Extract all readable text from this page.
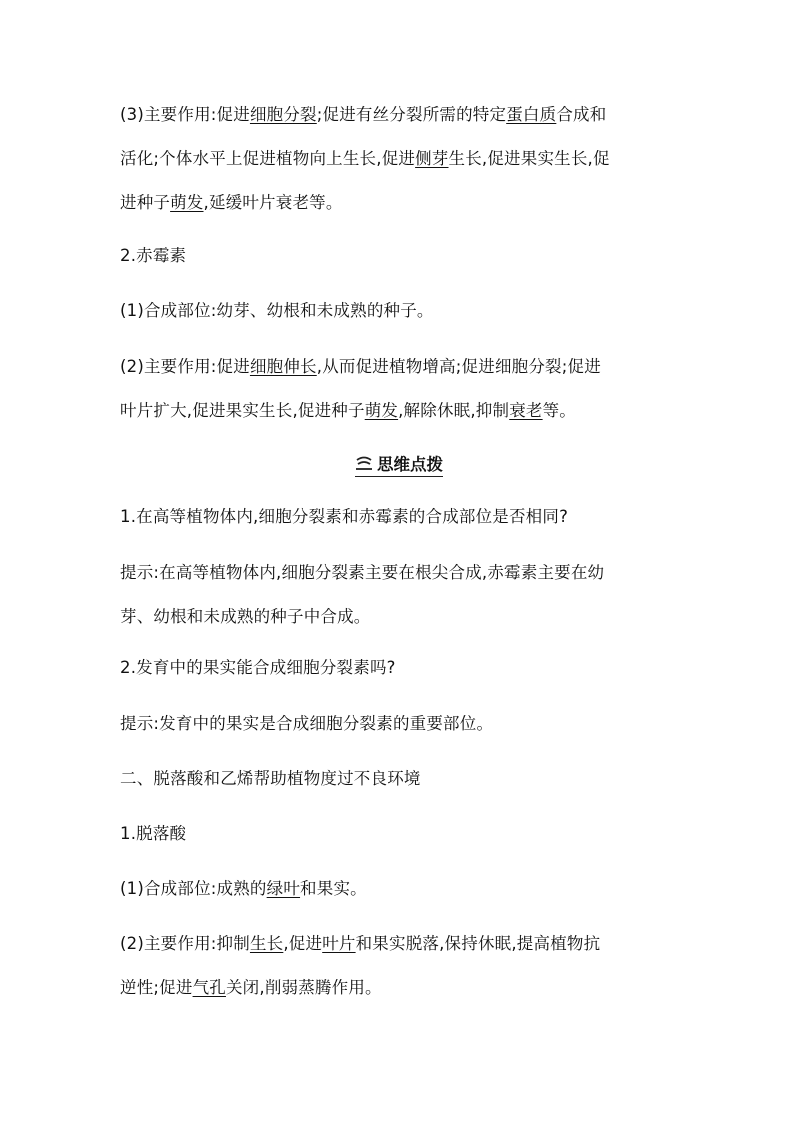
(3)主要作用:促进细胞分裂;促进有丝分裂所需的特定蛋白质合成和
活化;个体水平上促进植物向上生长,促进侧芽生长,促进果实生长,促
进种子萌发,延缓叶片衰老等。

2.赤霉素

(1)合成部位:幼芽、幼根和未成熟的种子。

(2)主要作用:促进细胞伸长,从而促进植物增高;促进细胞分裂;促进
叶片扩大,促进果实生长,促进种子萌发,解除休眠,抑制衰老等。

思维点拨

1.在高等植物体内,细胞分裂素和赤霉素的合成部位是否相同?

提示:在高等植物体内,细胞分裂素主要在根尖合成,赤霉素主要在幼
芽、幼根和未成熟的种子中合成。

2.发育中的果实能合成细胞分裂素吗?

提示:发育中的果实是合成细胞分裂素的重要部位。

二、脱落酸和乙烯帮助植物度过不良环境

1.脱落酸

(1)合成部位:成熟的绿叶和果实。

(2)主要作用:抑制生长,促进叶片和果实脱落,保持休眠,提高植物抗
逆性;促进气孔关闭,削弱蒸腾作用。
